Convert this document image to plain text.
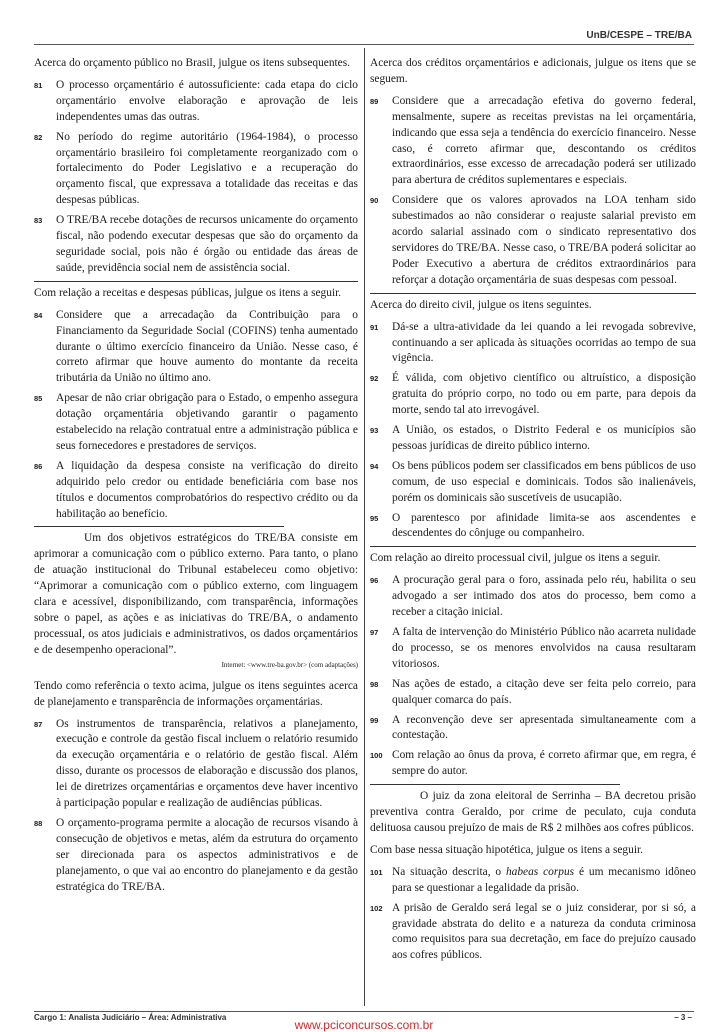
UnB/CESPE – TRE/BA

Acerca do orçamento público no Brasil, julgue os itens subsequentes.

81	O processo orçamentário é autossuficiente: cada etapa do ciclo orçamentário envolve elaboração e aprovação de leis independentes umas das outras.
82	No período do regime autoritário (1964-1984), o processo orçamentário brasileiro foi completamente reorganizado com o fortalecimento do Poder Legislativo e a recuperação do orçamento fiscal, que expressava a totalidade das receitas e das despesas públicas.
83	O TRE/BA recebe dotações de recursos unicamente do orçamento fiscal, não podendo executar despesas que são do orçamento da seguridade social, pois não é órgão ou entidade das áreas de saúde, previdência social nem de assistência social.

Com relação a receitas e despesas públicas, julgue os itens a seguir.

84	Considere que a arrecadação da Contribuição para o Financiamento da Seguridade Social (COFINS) tenha aumentado durante o último exercício financeiro da União. Nesse caso, é correto afirmar que houve aumento do montante da receita tributária da União no último ano.
85	Apesar de não criar obrigação para o Estado, o empenho assegura dotação orçamentária objetivando garantir o pagamento estabelecido na relação contratual entre a administração pública e seus fornecedores e prestadores de serviços.
86	A liquidação da despesa consiste na verificação do direito adquirido pelo credor ou entidade beneficiária com base nos títulos e documentos comprobatórios do respectivo crédito ou da habilitação ao benefício.

Um dos objetivos estratégicos do TRE/BA consiste em aprimorar a comunicação com o público externo. Para tanto, o plano de atuação institucional do Tribunal estabeleceu como objetivo: “Aprimorar a comunicação com o público externo, com linguagem clara e acessível, disponibilizando, com transparência, informações sobre o papel, as ações e as iniciativas do TRE/BA, o andamento processual, os atos judiciais e administrativos, os dados orçamentários e de desempenho operacional”.

Internet: <www.tre-ba.gov.br> (com adaptações)

Tendo como referência o texto acima, julgue os itens seguintes acerca de planejamento e transparência de informações orçamentárias.

87	Os instrumentos de transparência, relativos a planejamento, execução e controle da gestão fiscal incluem o relatório resumido da execução orçamentária e o relatório de gestão fiscal. Além disso, durante os processos de elaboração e discussão dos planos, lei de diretrizes orçamentárias e orçamentos deve haver incentivo à participação popular e realização de audiências públicas.
88	O orçamento-programa permite a alocação de recursos visando à consecução de objetivos e metas, além da estrutura do orçamento ser direcionada para os aspectos administrativos e de planejamento, o que vai ao encontro do planejamento e da gestão estratégica do TRE/BA.

Acerca dos créditos orçamentários e adicionais, julgue os itens que se seguem.

89	Considere que a arrecadação efetiva do governo federal, mensalmente, supere as receitas previstas na lei orçamentária, indicando que essa seja a tendência do exercício financeiro. Nesse caso, é correto afirmar que, descontando os créditos extraordinários, esse excesso de arrecadação poderá ser utilizado para abertura de créditos suplementares e especiais.
90	Considere que os valores aprovados na LOA tenham sido subestimados ao não considerar o reajuste salarial previsto em acordo salarial assinado com o sindicato representativo dos servidores do TRE/BA. Nesse caso, o TRE/BA poderá solicitar ao Poder Executivo a abertura de créditos extraordinários para reforçar a dotação orçamentária de suas despesas com pessoal.

Acerca do direito civil, julgue os itens seguintes.

91	Dá-se a ultra-atividade da lei quando a lei revogada sobrevive, continuando a ser aplicada às situações ocorridas ao tempo de sua vigência.
92	É válida, com objetivo científico ou altruístico, a disposição gratuita do próprio corpo, no todo ou em parte, para depois da morte, sendo tal ato irrevogável.
93	A União, os estados, o Distrito Federal e os municípios são pessoas jurídicas de direito público interno.
94	Os bens públicos podem ser classificados em bens públicos de uso comum, de uso especial e dominicais. Todos são inalienáveis, porém os dominicais são suscetíveis de usucapião.
95	O parentesco por afinidade limita-se aos ascendentes e descendentes do cônjuge ou companheiro.

Com relação ao direito processual civil, julgue os itens a seguir.

96	A procuração geral para o foro, assinada pelo réu, habilita o seu advogado a ser intimado dos atos do processo, bem como a receber a citação inicial.
97	A falta de intervenção do Ministério Público não acarreta nulidade do processo, se os menores envolvidos na causa resultaram vitoriosos.
98	Nas ações de estado, a citação deve ser feita pelo correio, para qualquer comarca do país.
99	A reconvenção deve ser apresentada simultaneamente com a contestação.
100 Com relação ao ônus da prova, é correto afirmar que, em regra, é sempre do autor.

O juiz da zona eleitoral de Serrinha – BA decretou prisão preventiva contra Geraldo, por crime de peculato, cuja conduta delituosa causou prejuízo de mais de R$ 2 milhões aos cofres públicos.

Com base nessa situação hipotética, julgue os itens a seguir.

101 Na situação descrita, o habeas corpus é um mecanismo idôneo para se questionar a legalidade da prisão.
102 A prisão de Geraldo será legal se o juiz considerar, por si só, a gravidade abstrata do delito e a natureza da conduta criminosa como requisitos para sua decretação, em face do prejuízo causado aos cofres públicos.
Cargo 1: Analista Judiciário – Área: Administrativa	– 3 –
www.pciconcursos.com.br
